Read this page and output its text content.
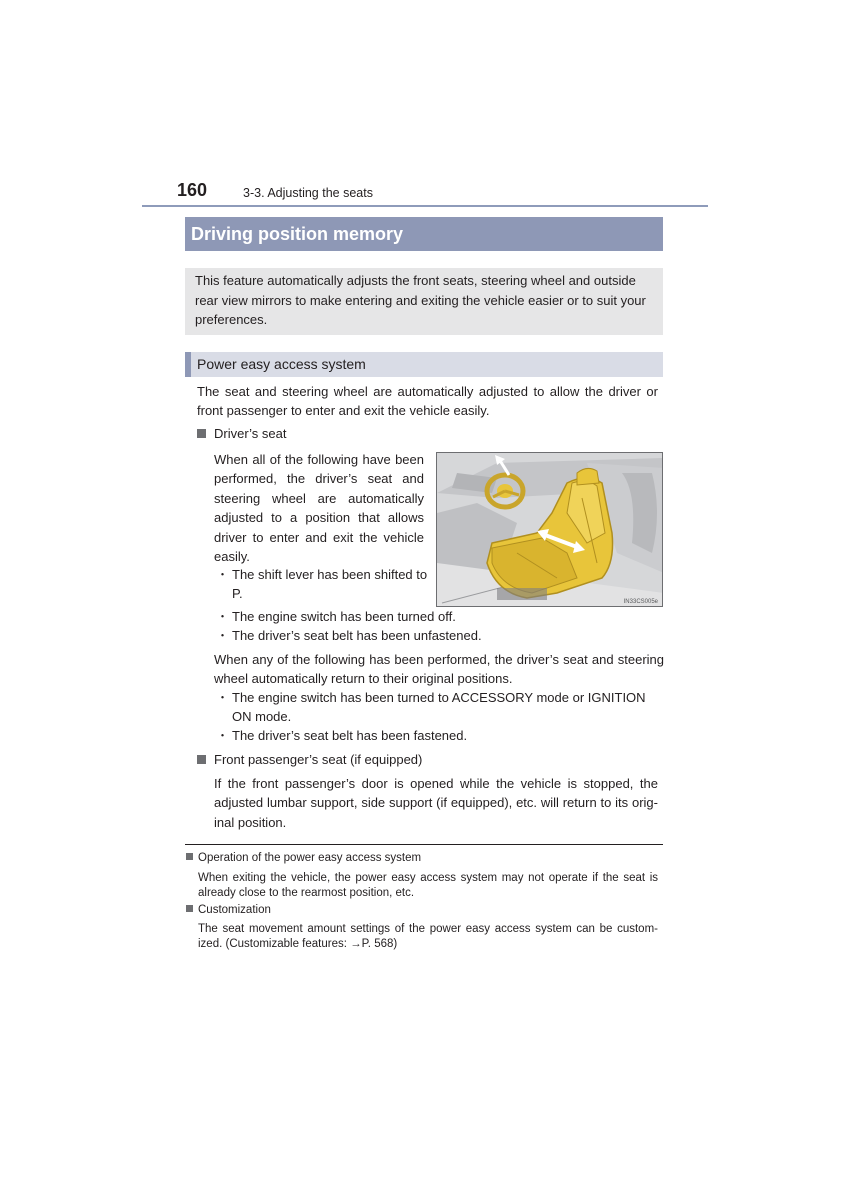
160	3-3. Adjusting the seats
Driving position memory
This feature automatically adjusts the front seats, steering wheel and outside rear view mirrors to make entering and exiting the vehicle easier or to suit your preferences.
Power easy access system
The seat and steering wheel are automatically adjusted to allow the driver or front passenger to enter and exit the vehicle easily.
Driver’s seat
When all of the following have been
performed, the driver’s seat and
steering wheel are automatically
adjusted to a position that allows
driver to enter and exit the vehicle
easily.
・ The shift lever has been shifted to
P.
・ The engine switch has been turned off.
・ The driver’s seat belt has been unfastened.
When any of the following has been performed, the driver’s seat and steering
wheel automatically return to their original positions.
・ The engine switch has been turned to ACCESSORY mode or IGNITION
ON mode.
・ The driver’s seat belt has been fastened.
Front passenger’s seat (if equipped)
If the front passenger’s door is opened while the vehicle is stopped, the
adjusted lumbar support, side support (if equipped), etc. will return to its orig-
inal position.
IN33CS005e
Operation of the power easy access system
When exiting the vehicle, the power easy access system may not operate if the seat is
already close to the rearmost position, etc.
Customization
The seat movement amount settings of the power easy access system can be custom-
ized. (Customizable features: →P. 568)
